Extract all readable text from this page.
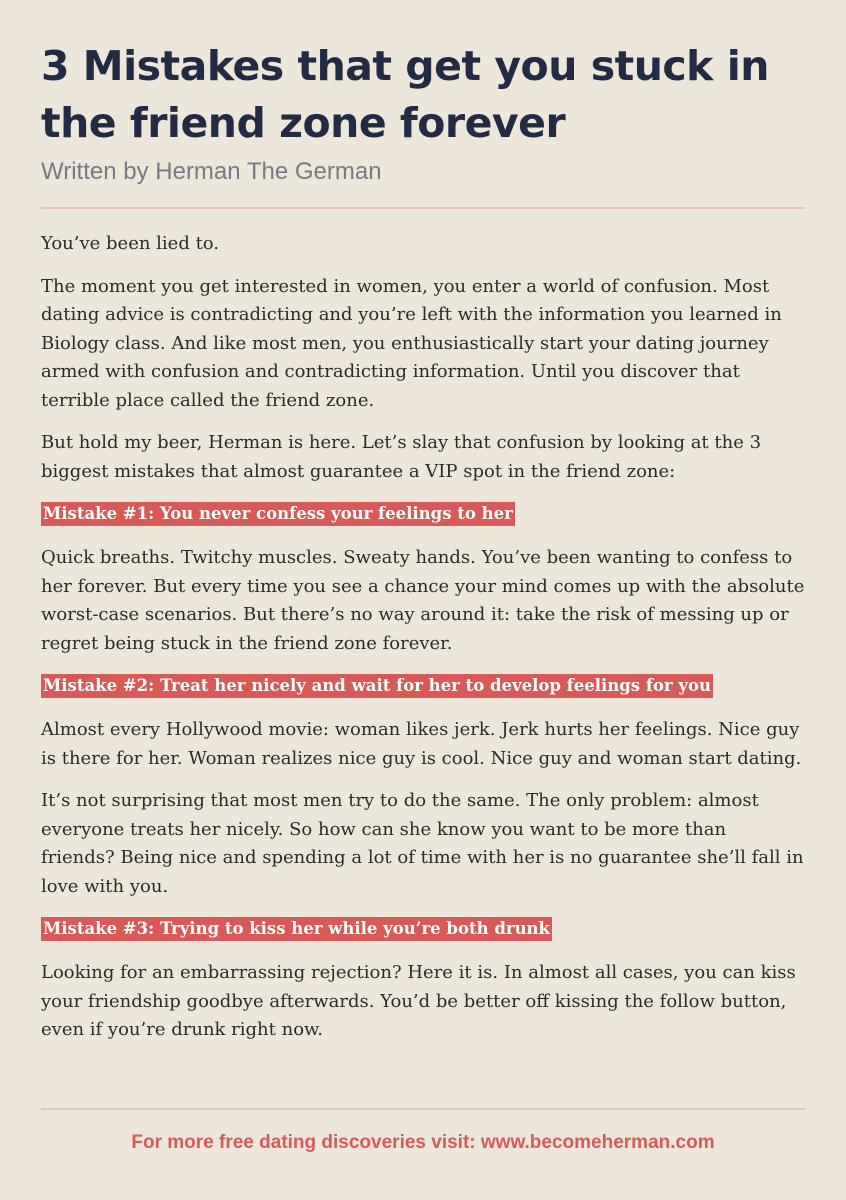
3 Mistakes that get you stuck in the friend zone forever
Written by Herman The German

You’ve been lied to.

The moment you get interested in women, you enter a world of confusion. Most dating advice is contradicting and you’re left with the information you learned in Biology class. And like most men, you enthusiastically start your dating journey armed with confusion and contradicting information. Until you discover that terrible place called the friend zone.

But hold my beer, Herman is here. Let’s slay that confusion by looking at the 3 biggest mistakes that almost guarantee a VIP spot in the friend zone:

Mistake #1: You never confess your feelings to her

Quick breaths. Twitchy muscles. Sweaty hands. You’ve been wanting to confess to her forever. But every time you see a chance your mind comes up with the absolute worst-case scenarios. But there’s no way around it: take the risk of messing up or regret being stuck in the friend zone forever.

Mistake #2: Treat her nicely and wait for her to develop feelings for you

Almost every Hollywood movie: woman likes jerk. Jerk hurts her feelings. Nice guy is there for her. Woman realizes nice guy is cool. Nice guy and woman start dating.

It’s not surprising that most men try to do the same. The only problem: almost everyone treats her nicely. So how can she know you want to be more than friends? Being nice and spending a lot of time with her is no guarantee she’ll fall in love with you.

Mistake #3: Trying to kiss her while you’re both drunk

Looking for an embarrassing rejection? Here it is. In almost all cases, you can kiss your friendship goodbye afterwards. You’d be better off kissing the follow button, even if you’re drunk right now.

For more free dating discoveries visit: www.becomeherman.com
